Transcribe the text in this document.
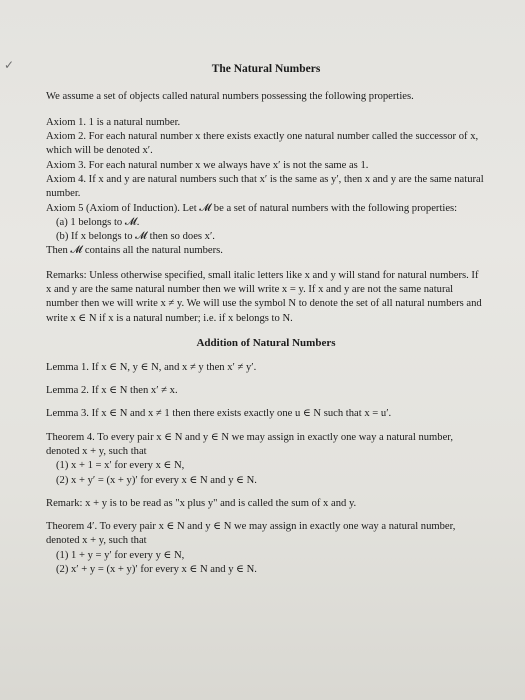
✓	The Natural Numbers

We assume a set of objects called natural numbers possessing the following properties.

Axiom 1. 1 is a natural number.

Axiom 2. For each natural number x there exists exactly one natural number called the successor of x, which will be denoted x′.

Axiom 3. For each natural number x we always have x′ is not the same as 1.

Axiom 4. If x and y are natural numbers such that x′ is the same as y′, then x and y are the same natural number.

Axiom 5 (Axiom of Induction). Let 𝓜 be a set of natural numbers with the following properties:

(a) 1 belongs to 𝓜.

(b) If x belongs to 𝓜 then so does x′.

Then 𝓜 contains all the natural numbers.

Remarks: Unless otherwise specified, small italic letters like x and y will stand for natural numbers. If x and y are the same natural number then we will write x = y. If x and y are not the same natural number then we will write x ≠ y. We will use the symbol N to denote the set of all natural numbers and write x ∈ N if x is a natural number; i.e. if x belongs to N.

Addition of Natural Numbers

Lemma 1. If x ∈ N, y ∈ N, and x ≠ y then x′ ≠ y′.

Lemma 2. If x ∈ N then x′ ≠ x.

Lemma 3. If x ∈ N and x ≠ 1 then there exists exactly one u ∈ N such that x = u′.

Theorem 4. To every pair x ∈ N and y ∈ N we may assign in exactly one way a natural number, denoted x + y, such that

(1) x + 1 = x′ for every x ∈ N,

(2) x + y′ = (x + y)′ for every x ∈ N and y ∈ N.

Remark: x + y is to be read as "x plus y" and is called the sum of x and y.

Theorem 4′. To every pair x ∈ N and y ∈ N we may assign in exactly one way a natural number, denoted x + y, such that

(1) 1 + y = y′ for every y ∈ N,

(2) x′ + y = (x + y)′ for every x ∈ N and y ∈ N.
